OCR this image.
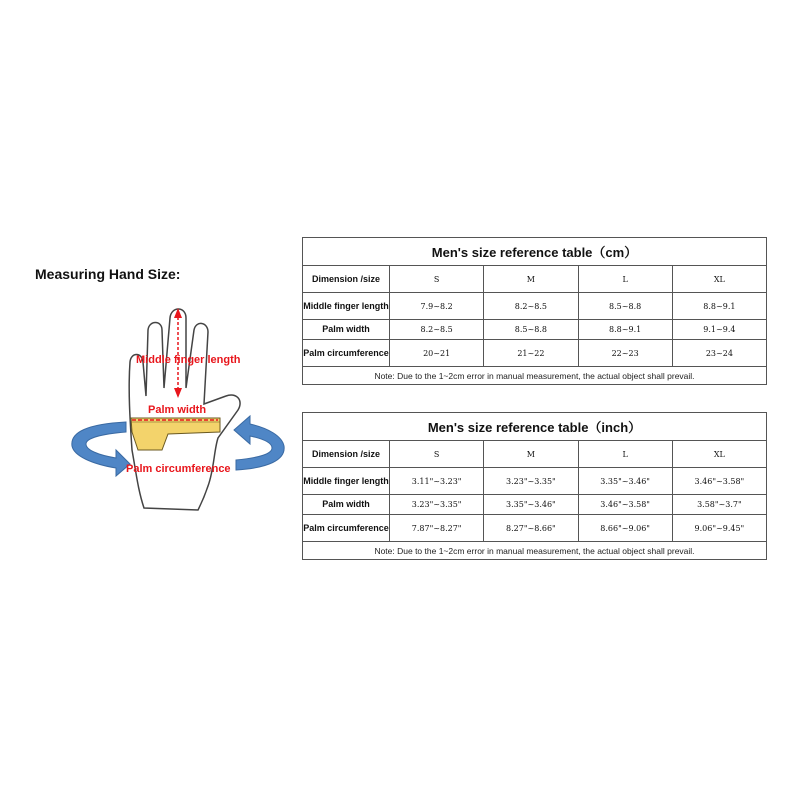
Measuring Hand Size:
Middle finger length
Palm width
Palm circumference
Men's size reference table（cm）				
Dimension /size	S	M	L	XL
Middle finger length	7.9~8.2	8.2~8.5	8.5~8.8	8.8~9.1
Palm width	8.2~8.5	8.5~8.8	8.8~9.1	9.1~9.4
Palm circumference	20~21	21~22	22~23	23~24
Note: Due to the 1~2cm error in manual measurement, the actual object shall prevail.				
Men's size reference table（inch）				
Dimension /size	S	M	L	XL
Middle finger length	3.11"~3.23"	3.23"~3.35"	3.35"~3.46"	3.46"~3.58"
Palm width	3.23"~3.35"	3.35"~3.46"	3.46"~3.58"	3.58"~3.7"
Palm circumference	7.87"~8.27"	8.27"~8.66"	8.66"~9.06"	9.06"~9.45"
Note: Due to the 1~2cm error in manual measurement, the actual object shall prevail.				
